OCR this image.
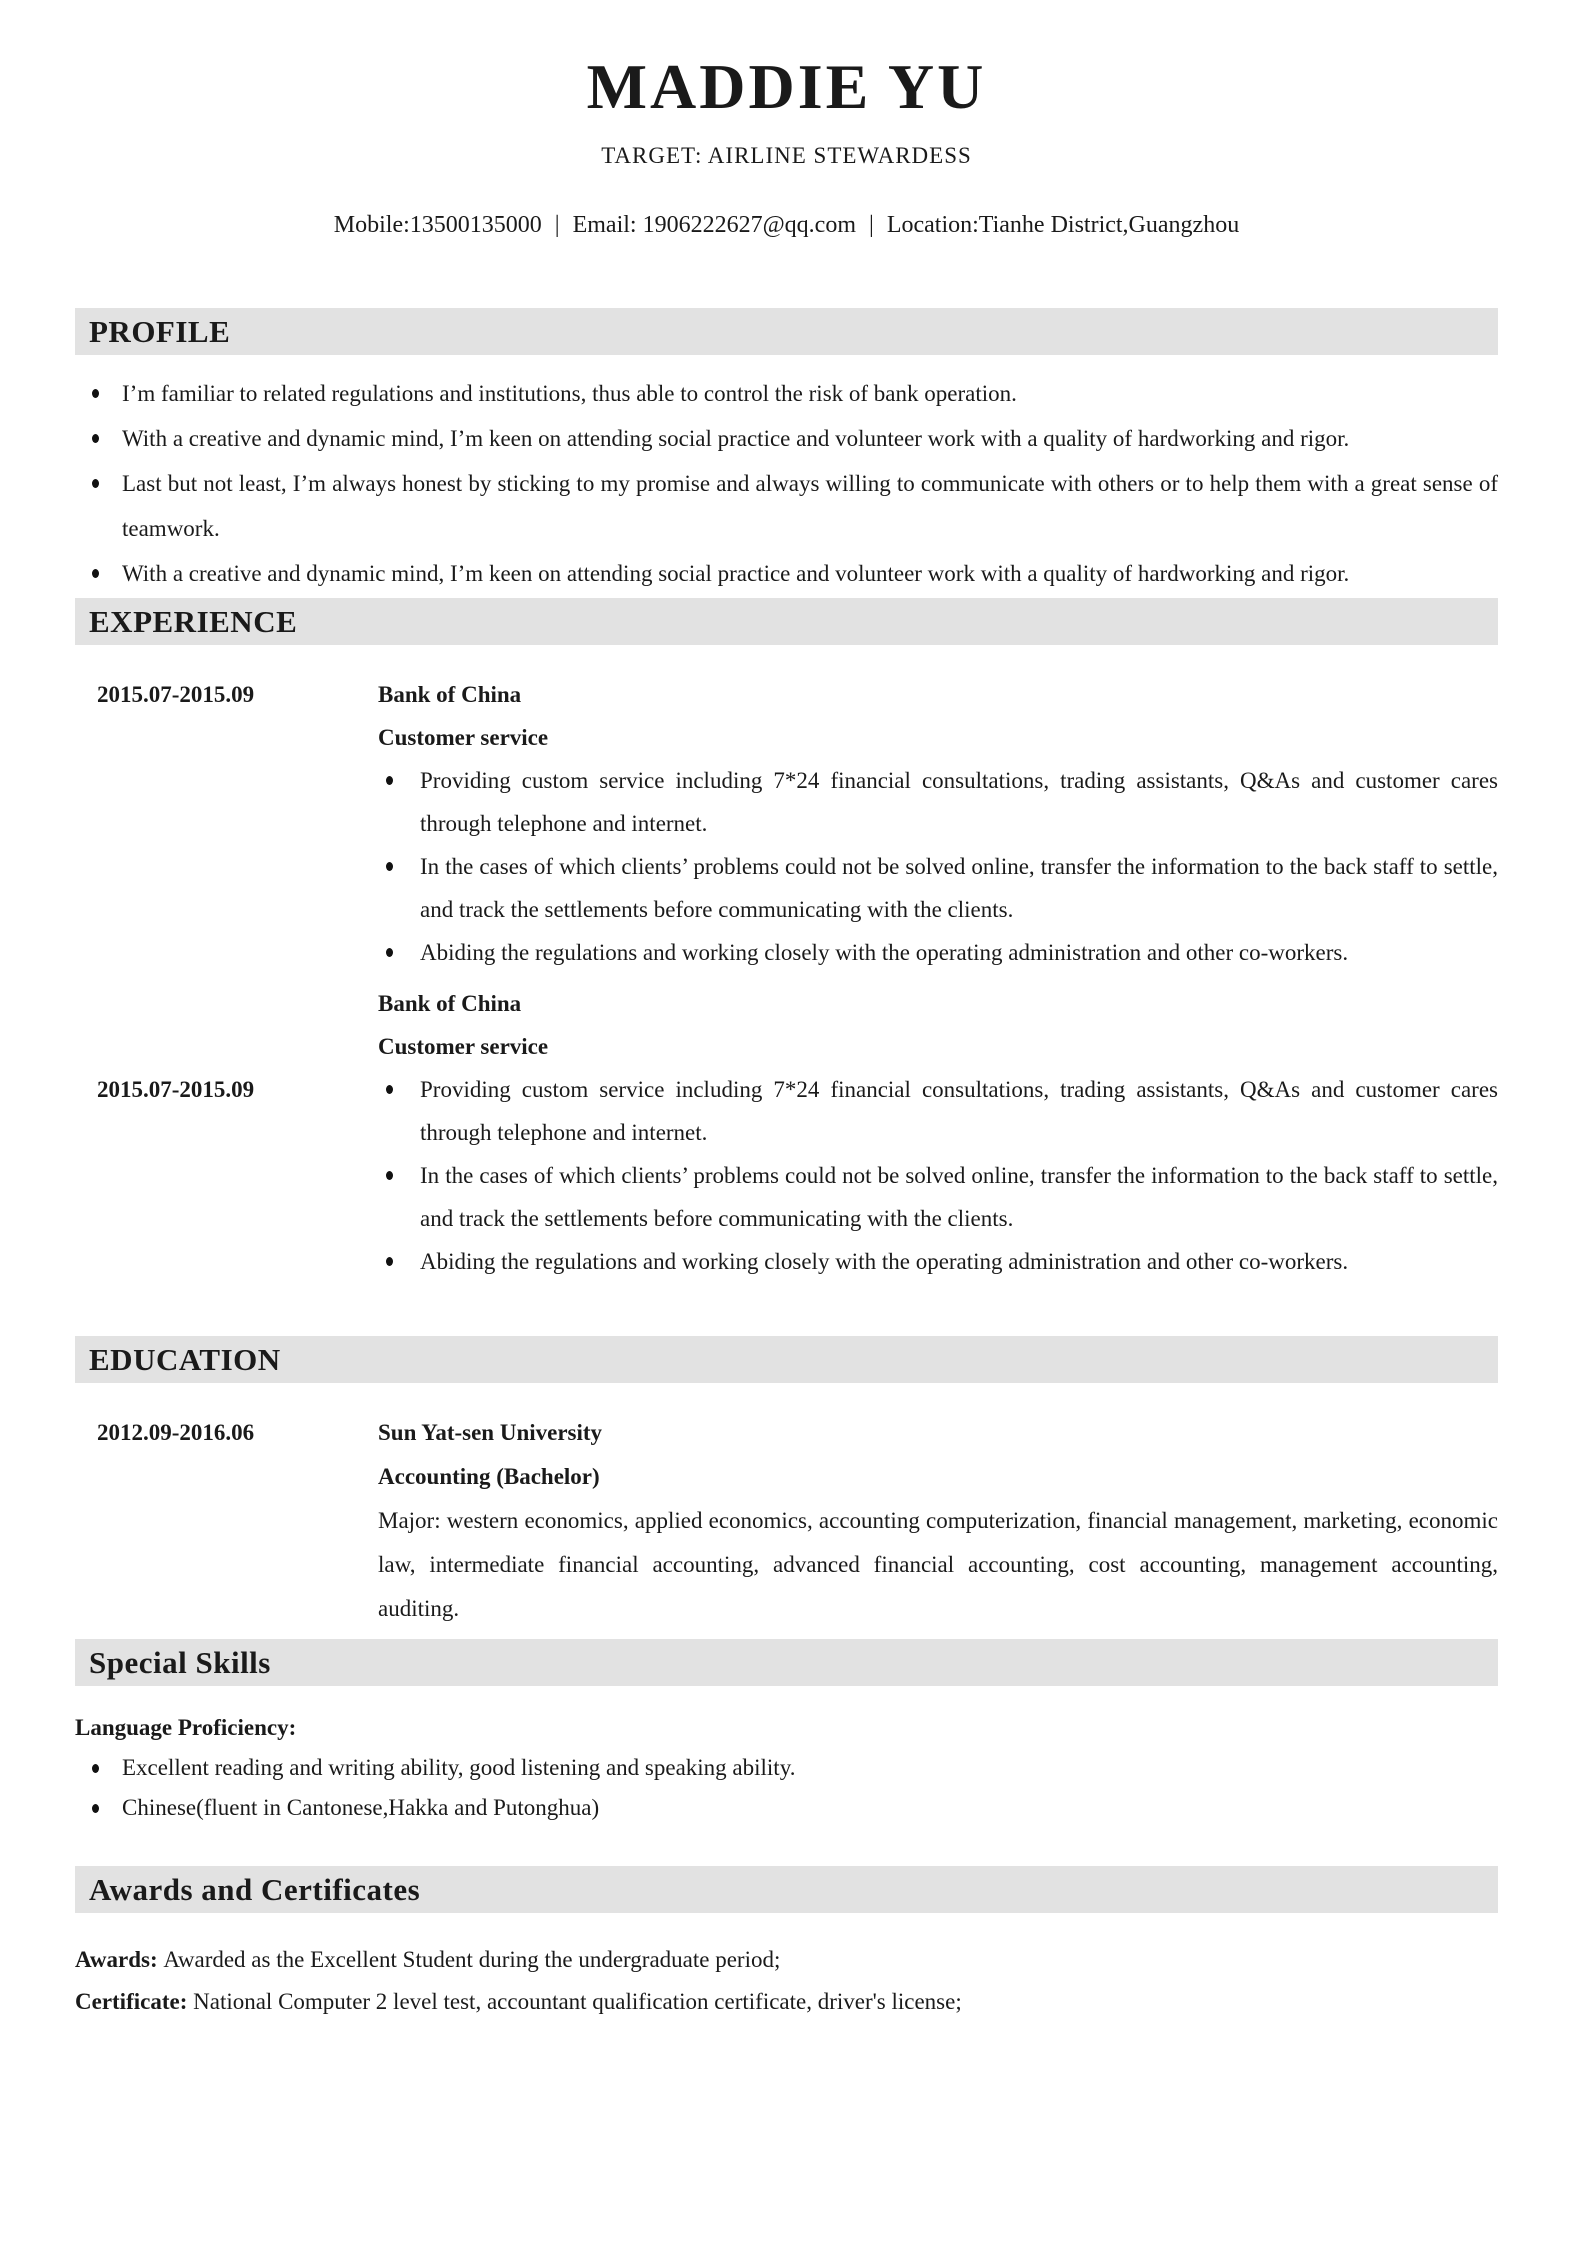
MADDIE YU
TARGET: AIRLINE STEWARDESS
Mobile:13500135000 | Email: 1906222627@qq.com | Location:Tianhe District,Guangzhou
PROFILE
I’m familiar to related regulations and institutions, thus able to control the risk of bank operation.
With a creative and dynamic mind, I’m keen on attending social practice and volunteer work with a quality of hardworking and rigor.
Last but not least, I’m always honest by sticking to my promise and always willing to communicate with others or to help them with a great sense of teamwork.
With a creative and dynamic mind, I’m keen on attending social practice and volunteer work with a quality of hardworking and rigor.
EXPERIENCE
2015.07-2015.09	Bank of China
Customer service
Providing custom service including 7*24 financial consultations, trading assistants, Q&As and customer cares through telephone and internet.
In the cases of which clients’ problems could not be solved online, transfer the information to the back staff to settle, and track the settlements before communicating with the clients.
Abiding the regulations and working closely with the operating administration and other co-workers.
2015.07-2015.09
Bank of China
Customer service
Providing custom service including 7*24 financial consultations, trading assistants, Q&As and customer cares through telephone and internet.
In the cases of which clients’ problems could not be solved online, transfer the information to the back staff to settle, and track the settlements before communicating with the clients.
Abiding the regulations and working closely with the operating administration and other co-workers.
EDUCATION
2012.09-2016.06	Sun Yat-sen University
Accounting (Bachelor)
Major: western economics, applied economics, accounting computerization, financial management, marketing, economic law, intermediate financial accounting, advanced financial accounting, cost accounting, management accounting, auditing.
Special Skills
Language Proficiency:
Excellent reading and writing ability, good listening and speaking ability.
Chinese(fluent in Cantonese,Hakka and Putonghua)
Awards and Certificates
Awards: Awarded as the Excellent Student during the undergraduate period;
Certificate: National Computer 2 level test, accountant qualification certificate, driver's license;
